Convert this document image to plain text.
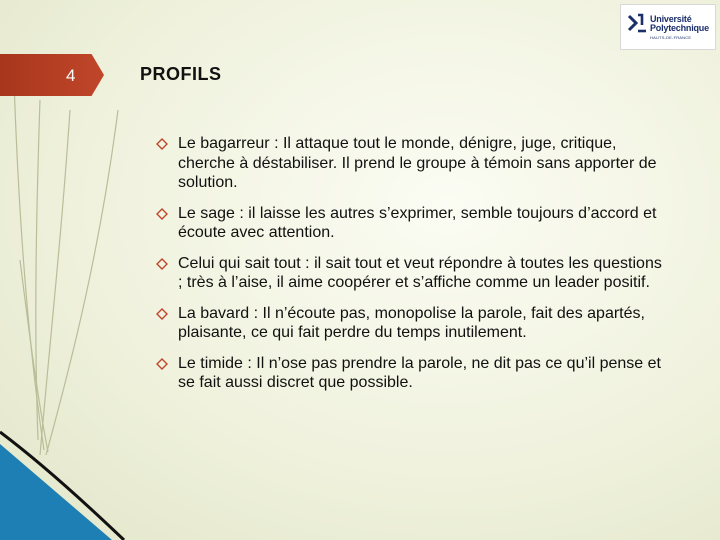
4
Université
Polytechnique
HAUTS-DE-FRANCE
PROFILS
Le bagarreur : Il attaque tout le monde, dénigre, juge, critique, cherche à déstabiliser. Il prend le groupe à témoin sans apporter de solution.
Le sage : il laisse les autres s’exprimer, semble toujours d’accord et écoute avec attention.
Celui qui sait tout : il sait tout et veut répondre à toutes les questions ; très à l’aise, il aime coopérer et s’affiche comme un leader positif.
La bavard : Il n’écoute pas, monopolise la parole, fait des apartés, plaisante, ce qui fait perdre du temps inutilement.
Le timide : Il n’ose pas prendre la parole, ne dit pas ce qu’il pense et se fait aussi discret que possible.
